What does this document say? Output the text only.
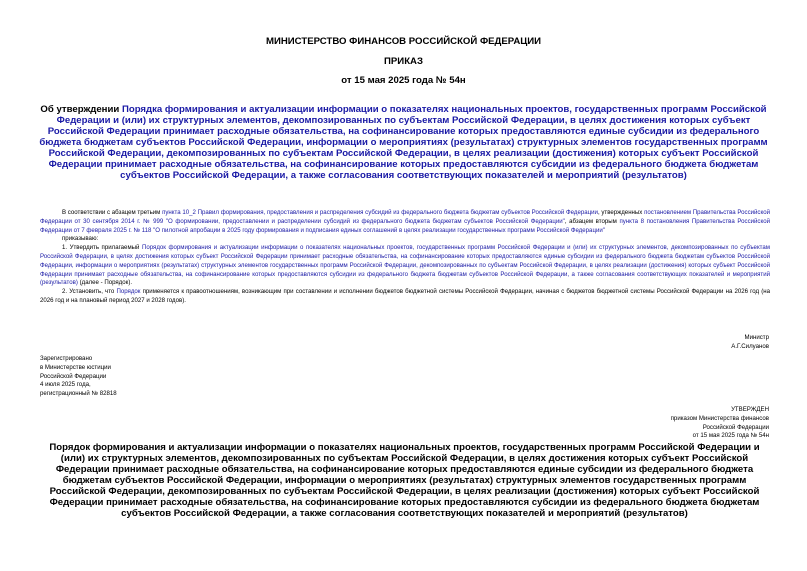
МИНИСТЕРСТВО ФИНАНСОВ РОССИЙСКОЙ ФЕДЕРАЦИИ
ПРИКАЗ
от 15 мая 2025 года № 54н
Об утверждении Порядка формирования и актуализации информации о показателях национальных проектов, государственных программ Российской Федерации и (или) их структурных элементов, декомпозированных по субъектам Российской Федерации, в целях достижения которых субъект Российской Федерации принимает расходные обязательства, на софинансирование которых предоставляются единые субсидии из федерального бюджета бюджетам субъектов Российской Федерации, информации о мероприятиях (результатах) структурных элементов государственных программ Российской Федерации, декомпозированных по субъектам Российской Федерации, в целях реализации (достижения) которых субъект Российской Федерации принимает расходные обязательства, на софинансирование которых предоставляются субсидии из федерального бюджета бюджетам субъектов Российской Федерации, а также согласования соответствующих показателей и мероприятий (результатов)

В соответствии с абзацем третьим пункта 10_2 Правил формирования, предоставления и распределения субсидий из федерального бюджета бюджетам субъектов Российской Федерации, утвержденных постановлением Правительства Российской Федерации от 30 сентября 2014 г. № 999 "О формировании, предоставлении и распределении субсидий из федерального бюджета бюджетам субъектов Российской Федерации", абзацем вторым пункта 8 постановления Правительства Российской Федерации от 7 февраля 2025 г. № 118 "О пилотной апробации в 2025 году формирования и подписания единых соглашений в целях реализации государственных программ Российской Федерации"

приказываю:

1. Утвердить прилагаемый Порядок формирования и актуализации информации о показателях национальных проектов, государственных программ Российской Федерации и (или) их структурных элементов, декомпозированных по субъектам Российской Федерации, в целях достижения которых субъект Российской Федерации принимает расходные обязательства, на софинансирование которых предоставляются единые субсидии из федерального бюджета бюджетам субъектов Российской Федерации, информации о мероприятиях (результатах) структурных элементов государственных программ Российской Федерации, декомпозированных по субъектам Российской Федерации, в целях реализации (достижения) которых субъект Российской Федерации принимает расходные обязательства, на софинансирование которых предоставляются субсидии из федерального бюджета бюджетам субъектов Российской Федерации, а также согласования соответствующих показателей и мероприятий (результатов) (далее - Порядок).

2. Установить, что Порядок применяется к правоотношениям, возникающим при составлении и исполнении бюджетов бюджетной системы Российской Федерации, начиная с бюджетов бюджетной системы Российской Федерации на 2026 год (на 2026 год и на плановый период 2027 и 2028 годов).

Министр
А.Г.Силуанов
Зарегистрировано
в Министерстве юстиции
Российской Федерации
4 июля 2025 года,
регистрационный № 82818
УТВЕРЖДЕН
приказом Министерства финансов
Российской Федерации
от 15 мая 2025 года № 54н
Порядок формирования и актуализации информации о показателях национальных проектов, государственных программ Российской Федерации и (или) их структурных элементов, декомпозированных по субъектам Российской Федерации, в целях достижения которых субъект Российской Федерации принимает расходные обязательства, на софинансирование которых предоставляются единые субсидии из федерального бюджета бюджетам субъектов Российской Федерации, информации о мероприятиях (результатах) структурных элементов государственных программ Российской Федерации, декомпозированных по субъектам Российской Федерации, в целях реализации (достижения) которых субъект Российской Федерации принимает расходные обязательства, на софинансирование которых предоставляются субсидии из федерального бюджета бюджетам субъектов Российской Федерации, а также согласования соответствующих показателей и мероприятий (результатов)
